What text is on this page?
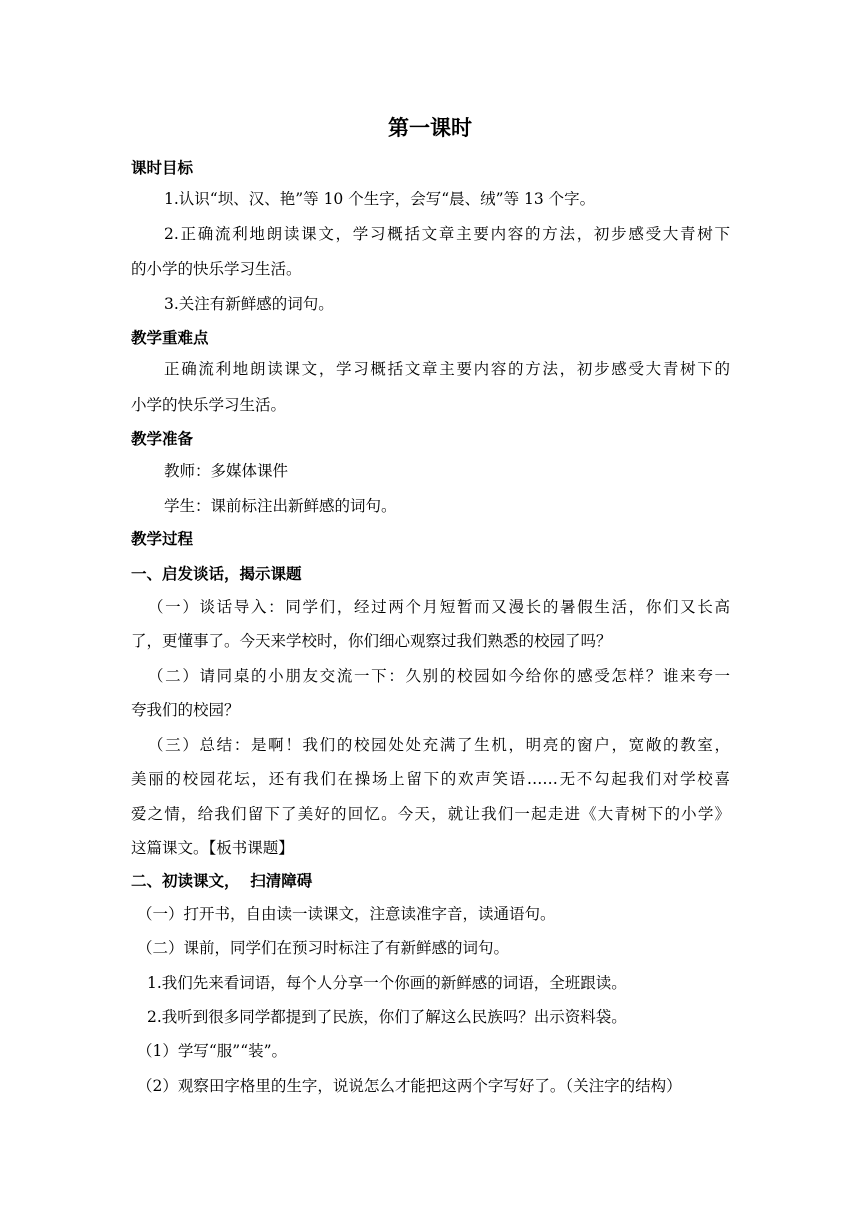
第一课时

课时目标

1.认识“坝、汉、艳”等 10 个生字，会写“晨、绒”等 13 个字。

2.正确流利地朗读课文，学习概括文章主要内容的方法，初步感受大青树下

的小学的快乐学习生活。

3.关注有新鲜感的词句。

教学重难点

正确流利地朗读课文，学习概括文章主要内容的方法，初步感受大青树下的

小学的快乐学习生活。

教学准备

教师：多媒体课件

学生：课前标注出新鲜感的词句。

教学过程

一、启发谈话，揭示课题

（一）谈话导入：同学们，经过两个月短暂而又漫长的暑假生活，你们又长高

了，更懂事了。今天来学校时，你们细心观察过我们熟悉的校园了吗？

（二）请同桌的小朋友交流一下：久别的校园如今给你的感受怎样？谁来夸一

夸我们的校园？

（三）总结：是啊！我们的校园处处充满了生机，明亮的窗户，宽敞的教室，

美丽的校园花坛，还有我们在操场上留下的欢声笑语……无不勾起我们对学校喜

爱之情，给我们留下了美好的回忆。今天，就让我们一起走进《大青树下的小学》

这篇课文。【板书课题】

二、初读课文，  扫清障碍

（一）打开书，自由读一读课文，注意读准字音，读通语句。

（二）课前，同学们在预习时标注了有新鲜感的词句。

1.我们先来看词语，每个人分享一个你画的新鲜感的词语，全班跟读。

2.我听到很多同学都提到了民族，你们了解这么民族吗？出示资料袋。

（1）学写“服”“装”。

（2）观察田字格里的生字，说说怎么才能把这两个字写好了。（关注字的结构）
